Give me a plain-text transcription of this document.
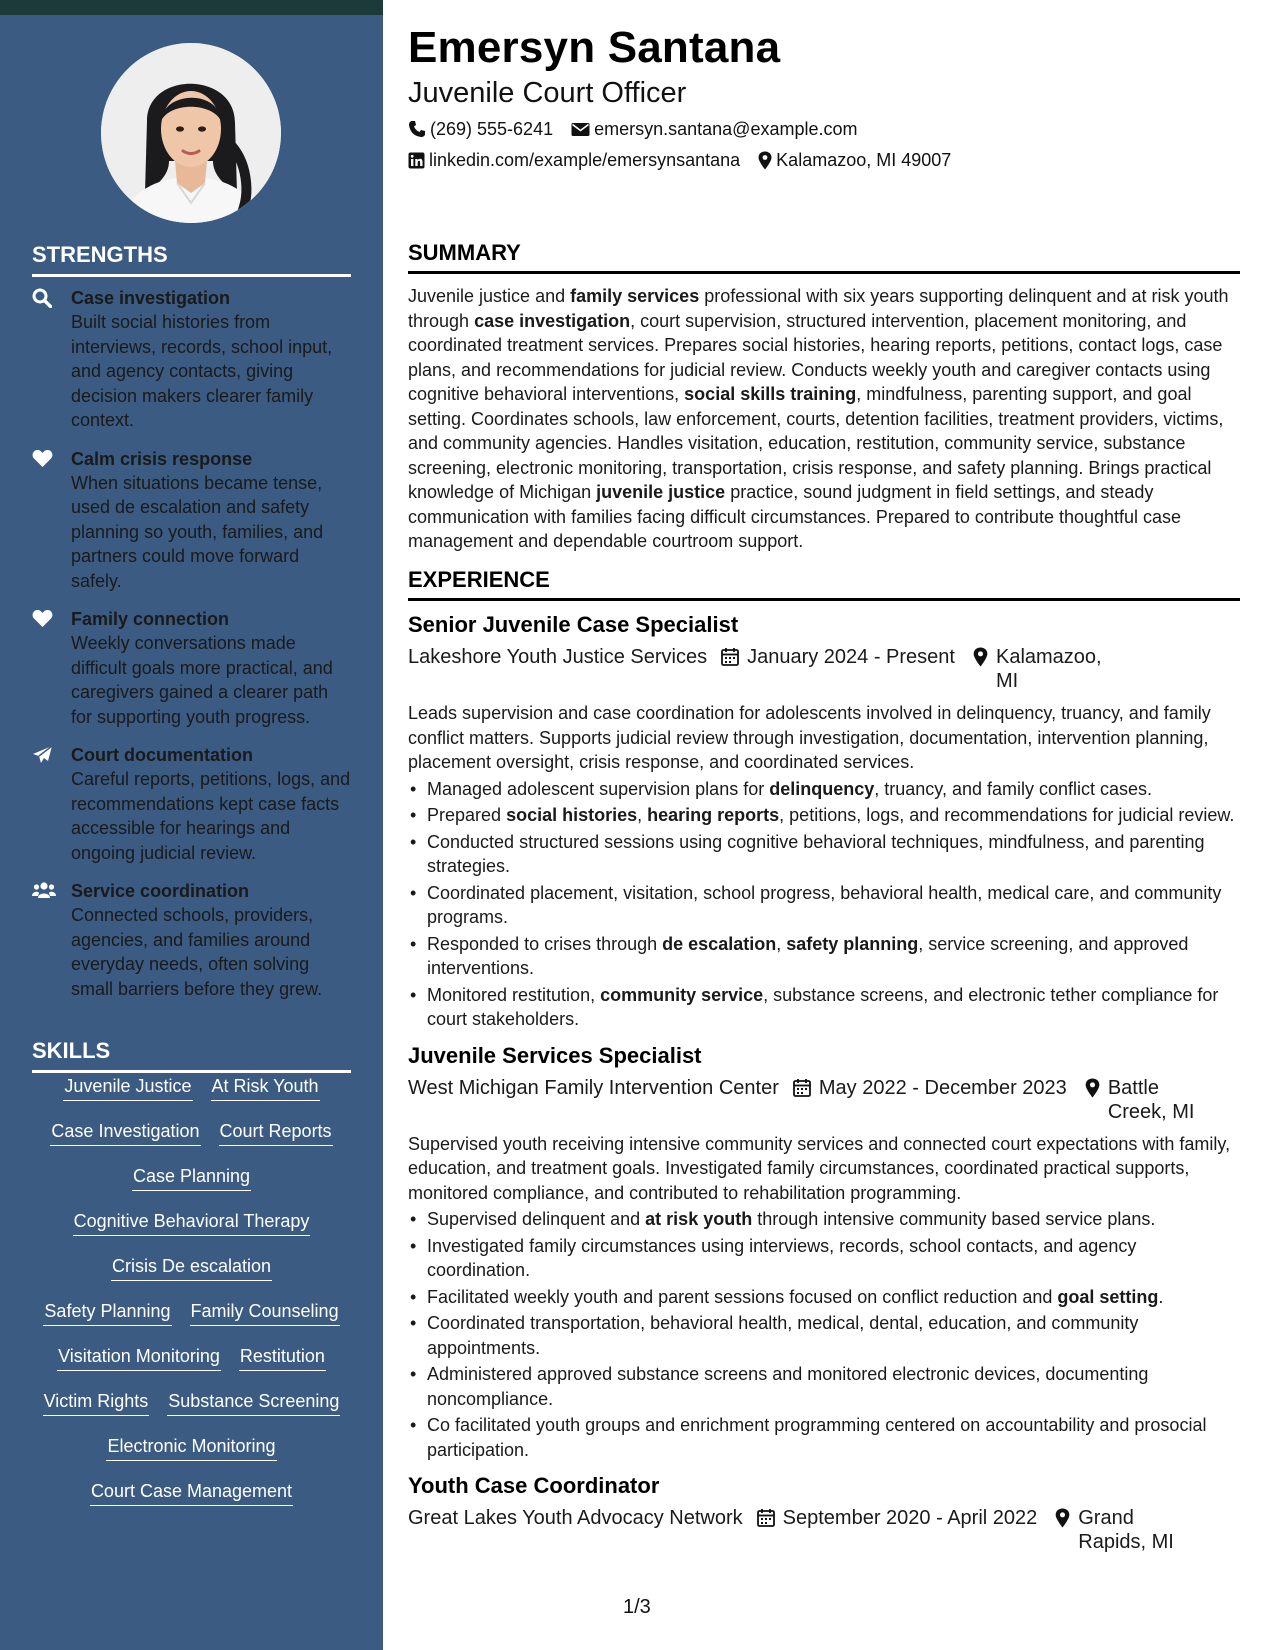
STRENGTHS
Case investigation
Built social histories from interviews, records, school input, and agency contacts, giving decision makers clearer family context.
Calm crisis response
When situations became tense, used de escalation and safety planning so youth, families, and partners could move forward safely.
Family connection
Weekly conversations made difficult goals more practical, and caregivers gained a clearer path for supporting youth progress.
Court documentation
Careful reports, petitions, logs, and recommendations kept case facts accessible for hearings and ongoing judicial review.
Service coordination
Connected schools, providers, agencies, and families around everyday needs, often solving small barriers before they grew.
SKILLS
Juvenile Justice At Risk Youth
Case Investigation Court Reports
Case Planning
Cognitive Behavioral Therapy
Crisis De escalation
Safety Planning Family Counseling
Visitation Monitoring Restitution
Victim Rights Substance Screening
Electronic Monitoring
Court Case Management
Emersyn Santana
Juvenile Court Officer
(269) 555-6241 emersyn.santana@example.com
linkedin.com/example/emersynsantana Kalamazoo, MI 49007
SUMMARY

Juvenile justice and family services professional with six years supporting delinquent and at risk youth through case investigation, court supervision, structured intervention, placement monitoring, and coordinated treatment services. Prepares social histories, hearing reports, petitions, contact logs, case plans, and recommendations for judicial review. Conducts weekly youth and caregiver contacts using cognitive behavioral interventions, social skills training, mindfulness, parenting support, and goal setting. Coordinates schools, law enforcement, courts, detention facilities, treatment providers, victims, and community agencies. Handles visitation, education, restitution, community service, substance screening, electronic monitoring, transportation, crisis response, and safety planning. Brings practical knowledge of Michigan juvenile justice practice, sound judgment in field settings, and steady communication with families facing difficult circumstances. Prepared to contribute thoughtful case management and dependable courtroom support.

EXPERIENCE
Senior Juvenile Case Specialist
Lakeshore Youth Justice Services January 2024 - Present Kalamazoo, MI
Leads supervision and case coordination for adolescents involved in delinquency, truancy, and family conflict matters. Supports judicial review through investigation, documentation, intervention planning, placement oversight, crisis response, and coordinated services.
• Managed adolescent supervision plans for delinquency, truancy, and family conflict cases.
• Prepared social histories, hearing reports, petitions, logs, and recommendations for judicial review.
• Conducted structured sessions using cognitive behavioral techniques, mindfulness, and parenting strategies.
• Coordinated placement, visitation, school progress, behavioral health, medical care, and community programs.
• Responded to crises through de escalation, safety planning, service screening, and approved interventions.
• Monitored restitution, community service, substance screens, and electronic tether compliance for court stakeholders.
Juvenile Services Specialist
West Michigan Family Intervention Center May 2022 - December 2023 Battle Creek, MI
Supervised youth receiving intensive community services and connected court expectations with family, education, and treatment goals. Investigated family circumstances, coordinated practical supports, monitored compliance, and contributed to rehabilitation programming.
• Supervised delinquent and at risk youth through intensive community based service plans.
• Investigated family circumstances using interviews, records, school contacts, and agency coordination.
• Facilitated weekly youth and parent sessions focused on conflict reduction and goal setting.
• Coordinated transportation, behavioral health, medical, dental, education, and community appointments.
• Administered approved substance screens and monitored electronic devices, documenting noncompliance.
• Co facilitated youth groups and enrichment programming centered on accountability and prosocial participation.
Youth Case Coordinator
Great Lakes Youth Advocacy Network September 2020 - April 2022 Grand Rapids, MI
1/3
